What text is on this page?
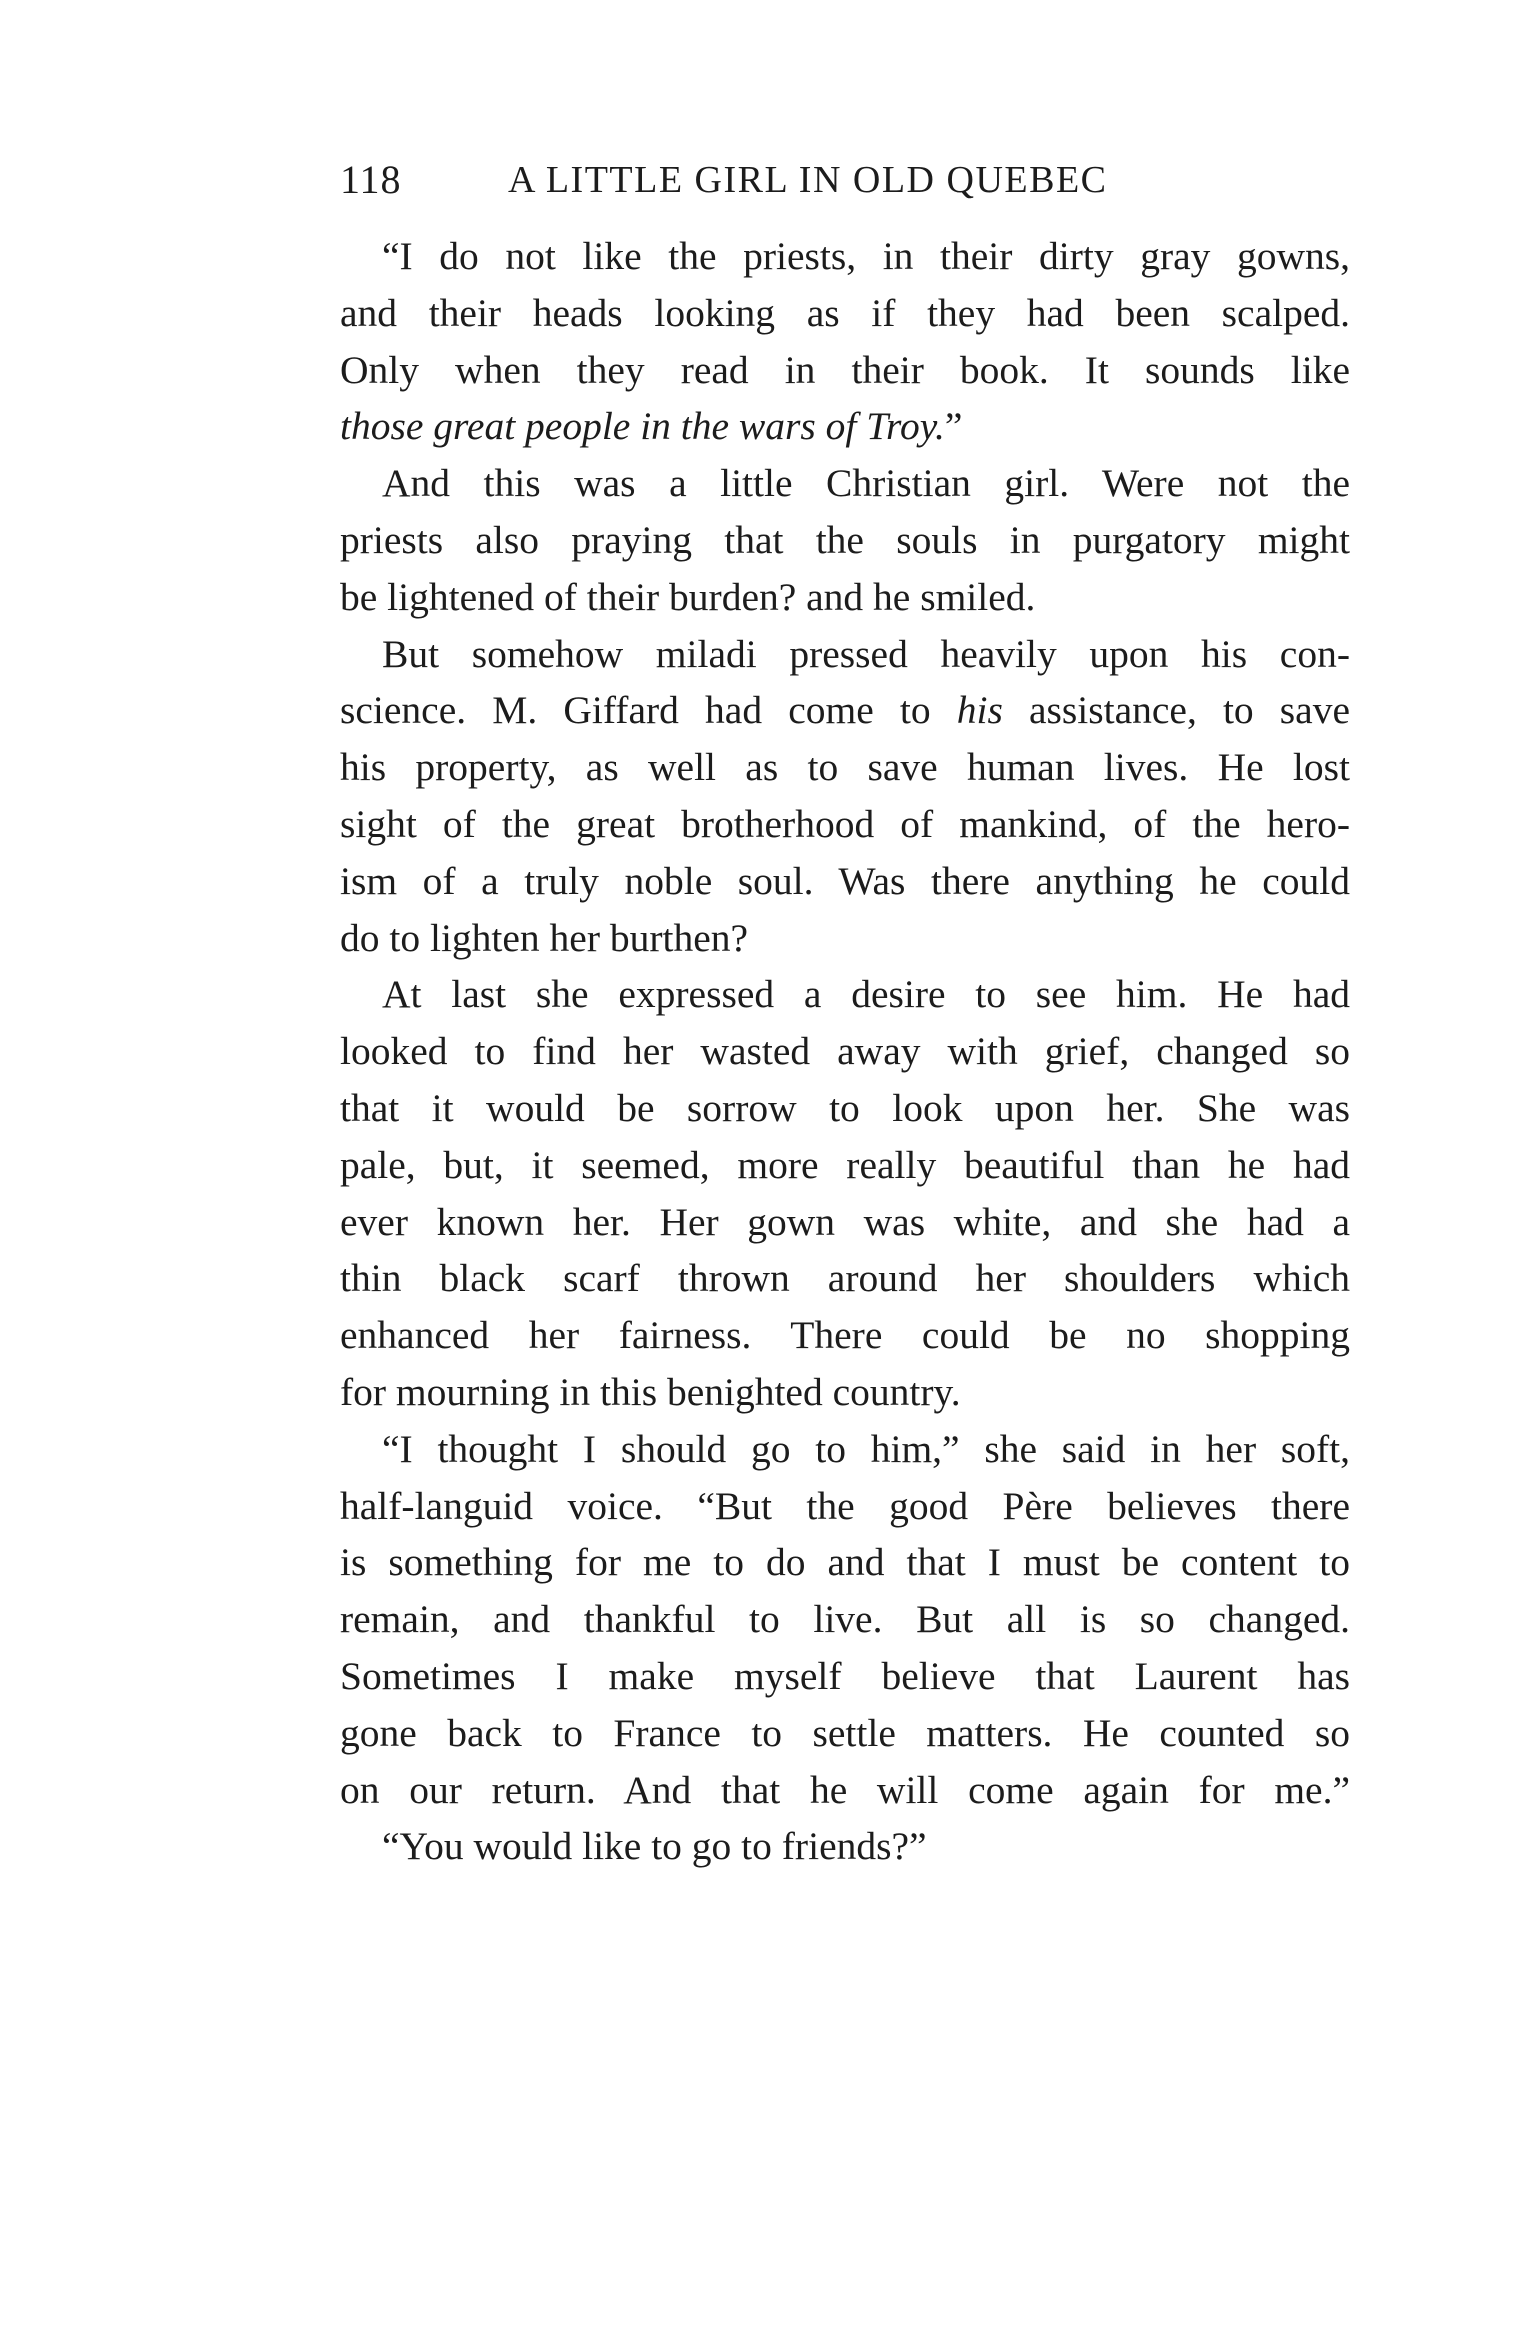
118	A LITTLE GIRL IN OLD QUEBEC

“I do not like the priests, in their dirty gray gowns,
and their heads looking as if they had been scalped.
Only when they read in their book. It sounds like
those great people in the wars of Troy.”

And this was a little Christian girl. Were not the
priests also praying that the souls in purgatory might
be lightened of their burden? and he smiled.

But somehow miladi pressed heavily upon his con-
science. M. Giffard had come to his assistance, to save
his property, as well as to save human lives. He lost
sight of the great brotherhood of mankind, of the hero-
ism of a truly noble soul. Was there anything he could
do to lighten her burthen?

At last she expressed a desire to see him. He had
looked to find her wasted away with grief, changed so
that it would be sorrow to look upon her. She was
pale, but, it seemed, more really beautiful than he had
ever known her. Her gown was white, and she had a
thin black scarf thrown around her shoulders which
enhanced her fairness. There could be no shopping
for mourning in this benighted country.

“I thought I should go to him,” she said in her soft,
half-languid voice. “But the good Père believes there
is something for me to do and that I must be content to
remain, and thankful to live. But all is so changed.
Sometimes I make myself believe that Laurent has
gone back to France to settle matters. He counted so
on our return. And that he will come again for me.”

“You would like to go to friends?”
